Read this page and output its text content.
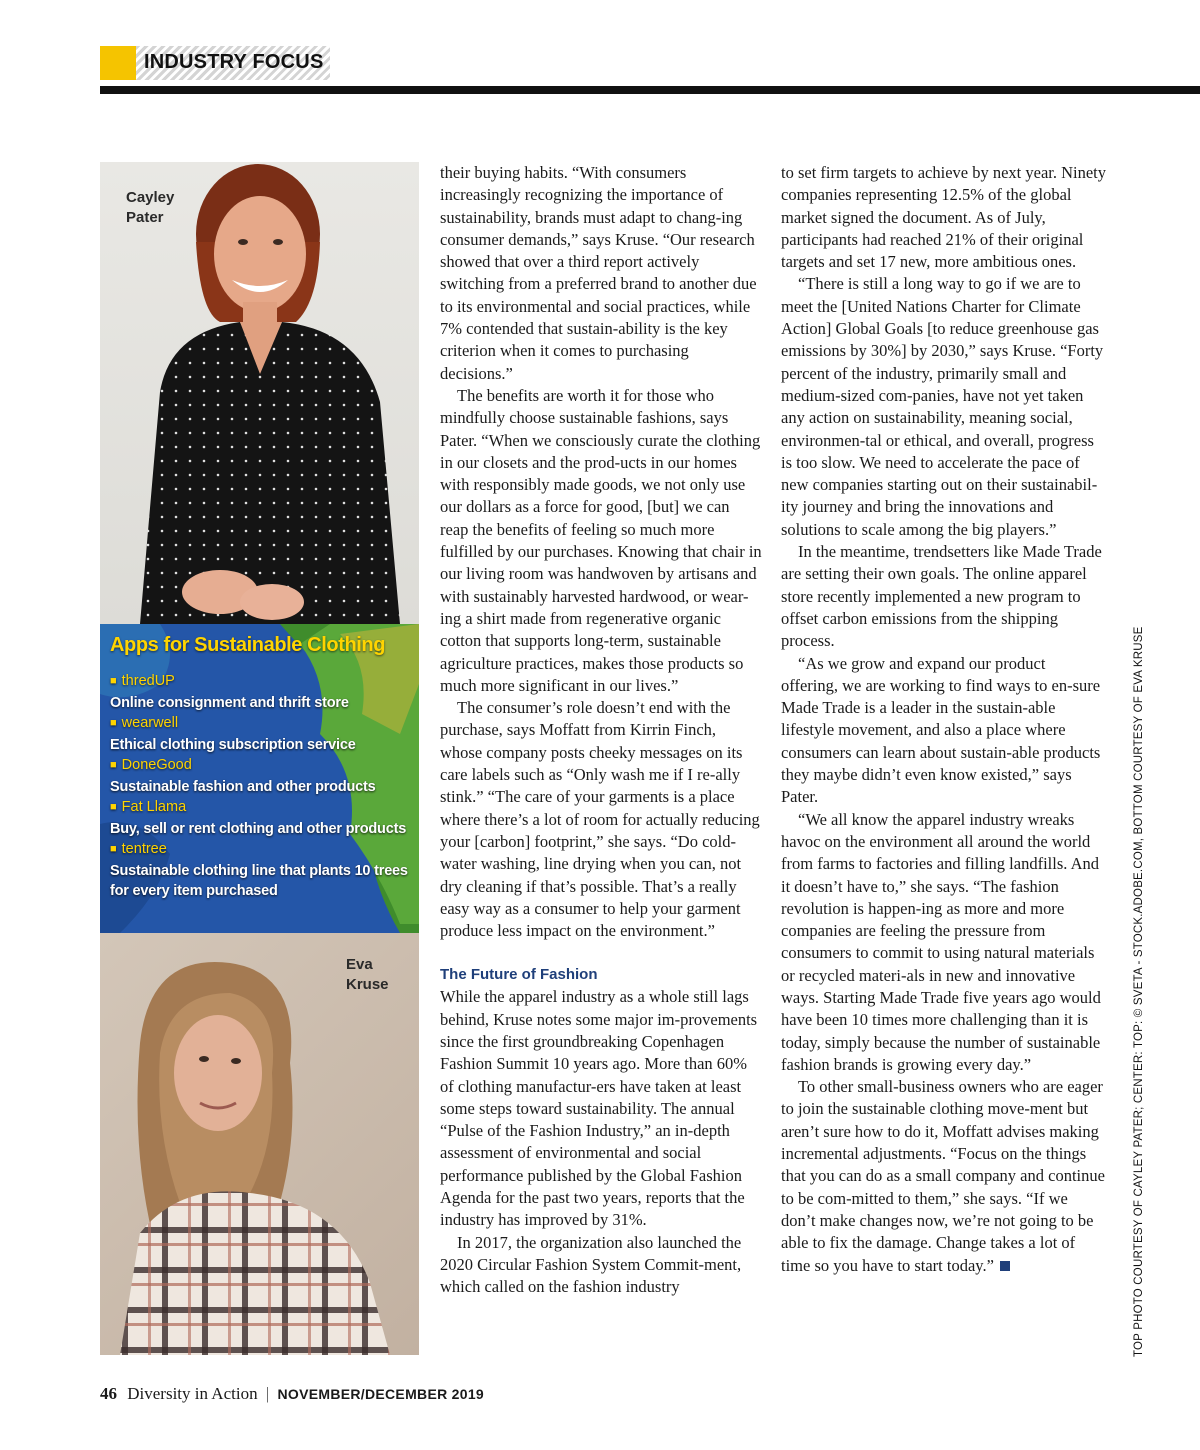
INDUSTRY FOCUS
Cayley
Pater
Apps for Sustainable Clothing
■ thredUP
Online consignment and thrift store
■ wearwell
Ethical clothing subscription service
■ DoneGood
Sustainable fashion and other products
■ Fat Llama
Buy, sell or rent clothing and other products
■ tentree
Sustainable clothing line that plants 10 trees for every item purchased
Eva
Kruse

their buying habits. “With consumers increasingly recognizing the importance of sustainability, brands must adapt to chang-ing consumer demands,” says Kruse. “Our research showed that over a third report actively switching from a preferred brand to another due to its environmental and social practices, while 7% contended that sustain-ability is the key criterion when it comes to purchasing decisions.”

The benefits are worth it for those who mindfully choose sustainable fashions, says Pater. “When we consciously curate the clothing in our closets and the prod-ucts in our homes with responsibly made goods, we not only use our dollars as a force for good, [but] we can reap the benefits of feeling so much more fulfilled by our purchases. Knowing that chair in our living room was handwoven by artisans and with sustainably harvested hardwood, or wear-ing a shirt made from regenerative organic cotton that supports long-term, sustainable agriculture practices, makes those products so much more significant in our lives.”

The consumer’s role doesn’t end with the purchase, says Moffatt from Kirrin Finch, whose company posts cheeky messages on its care labels such as “Only wash me if I re-ally stink.” “The care of your garments is a place where there’s a lot of room for actually reducing your [carbon] footprint,” she says. “Do cold-water washing, line drying when you can, not dry cleaning if that’s possible. That’s a really easy way as a consumer to help your garment produce less impact on the environment.”

The Future of Fashion

While the apparel industry as a whole still lags behind, Kruse notes some major im-provements since the first groundbreaking Copenhagen Fashion Summit 10 years ago. More than 60% of clothing manufactur-ers have taken at least some steps toward sustainability. The annual “Pulse of the Fashion Industry,” an in-depth assessment of environmental and social performance published by the Global Fashion Agenda for the past two years, reports that the industry has improved by 31%.

In 2017, the organization also launched the 2020 Circular Fashion System Commit-ment, which called on the fashion industry

to set firm targets to achieve by next year. Ninety companies representing 12.5% of the global market signed the document. As of July, participants had reached 21% of their original targets and set 17 new, more ambitious ones.

“There is still a long way to go if we are to meet the [United Nations Charter for Climate Action] Global Goals [to reduce greenhouse gas emissions by 30%] by 2030,” says Kruse. “Forty percent of the industry, primarily small and medium-sized com-panies, have not yet taken any action on sustainability, meaning social, environmen-tal or ethical, and overall, progress is too slow. We need to accelerate the pace of new companies starting out on their sustainabil-ity journey and bring the innovations and solutions to scale among the big players.”

In the meantime, trendsetters like Made Trade are setting their own goals. The online apparel store recently implemented a new program to offset carbon emissions from the shipping process.

“As we grow and expand our product offering, we are working to find ways to en-sure Made Trade is a leader in the sustain-able lifestyle movement, and also a place where consumers can learn about sustain-able products they maybe didn’t even know existed,” says Pater.

“We all know the apparel industry wreaks havoc on the environment all around the world from farms to factories and filling landfills. And it doesn’t have to,” she says. “The fashion revolution is happen-ing as more and more companies are feeling the pressure from consumers to commit to using natural materials or recycled materi-als in new and innovative ways. Starting Made Trade five years ago would have been 10 times more challenging than it is today, simply because the number of sustainable fashion brands is growing every day.”

To other small-business owners who are eager to join the sustainable clothing move-ment but aren’t sure how to do it, Moffatt advises making incremental adjustments. “Focus on the things that you can do as a small company and continue to be com-mitted to them,” she says. “If we don’t make changes now, we’re not going to be able to fix the damage. Change takes a lot of time so you have to start today.”	TOP PHOTO COURTESY OF CAYLEY PATER; CENTER: TOP: © SVETA - STOCK.ADOBE.COM, BOTTOM COURTESY OF EVA KRUSE
46 Diversity in Action | NOVEMBER/DECEMBER 2019
